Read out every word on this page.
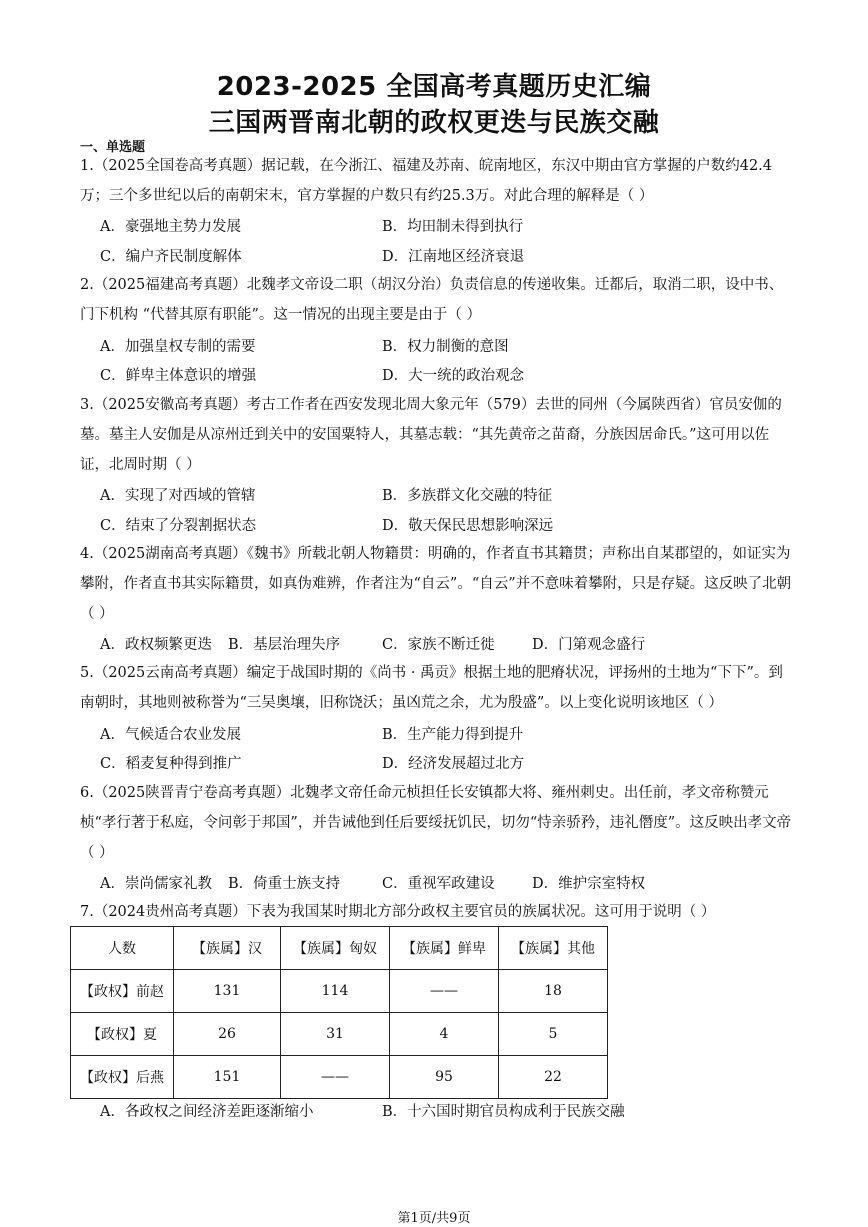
2023-2025 全国高考真题历史汇编
三国两晋南北朝的政权更迭与民族交融
一、单选题
1.（2025全国卷高考真题）据记载，在今浙江、福建及苏南、皖南地区，东汉中期由官方掌握的户数约42.4万；三个多世纪以后的南朝宋末，官方掌握的户数只有约25.3万。对此合理的解释是（ ）
A．豪强地主势力发展	B．均田制未得到执行
C．编户齐民制度解体	D．江南地区经济衰退
2.（2025福建高考真题）北魏孝文帝设二职（胡汉分治）负责信息的传递收集。迁都后，取消二职，设中书、门下机构 “代替其原有职能”。这一情况的出现主要是由于（ ）
A．加强皇权专制的需要	B．权力制衡的意图
C．鲜卑主体意识的增强	D．大一统的政治观念
3.（2025安徽高考真题）考古工作者在西安发现北周大象元年（579）去世的同州（今属陕西省）官员安伽的墓。墓主人安伽是从凉州迁到关中的安国粟特人，其墓志载：“其先黄帝之苗裔，分族因居命氏。”这可用以佐证，北周时期（ ）
A．实现了对西域的管辖	B．多族群文化交融的特征
C．结束了分裂割据状态	D．敬天保民思想影响深远
4.（2025湖南高考真题）《魏书》所载北朝人物籍贯：明确的，作者直书其籍贯；声称出自某郡望的，如证实为攀附，作者直书其实际籍贯，如真伪难辨，作者注为“自云”。“自云”并不意味着攀附，只是存疑。这反映了北朝（ ）
A．政权频繁更迭 B．基层治理失序	C．家族不断迁徙	D．门第观念盛行
5.（2025云南高考真题）编定于战国时期的《尚书 · 禹贡》根据土地的肥瘠状况，评扬州的土地为“下下”。到南朝时，其地则被称誉为“三吴奥壤，旧称饶沃；虽凶荒之余，尤为殷盛”。以上变化说明该地区（ ）
A．气候适合农业发展	B．生产能力得到提升
C．稻麦复种得到推广	D．经济发展超过北方
6.（2025陕晋青宁卷高考真题）北魏孝文帝任命元桢担任长安镇都大将、雍州刺史。出任前，孝文帝称赞元桢“孝行著于私庭，令问彰于邦国”，并告诫他到任后要绥抚饥民，切勿“恃亲骄矜，违礼僭度”。这反映出孝文帝（ ）
A．崇尚儒家礼教 B．倚重士族支持	C．重视军政建设	D．维护宗室特权
7.（2024贵州高考真题）下表为我国某时期北方部分政权主要官员的族属状况。这可用于说明（ ）
人数	【族属】汉	【族属】匈奴	【族属】鲜卑	【族属】其他
【政权】前赵	131	114	——	18
【政权】夏	26	31	4	5
【政权】后燕	151	——	95	22
A．各政权之间经济差距逐渐缩小	B．十六国时期官员构成利于民族交融
第1页/共9页
